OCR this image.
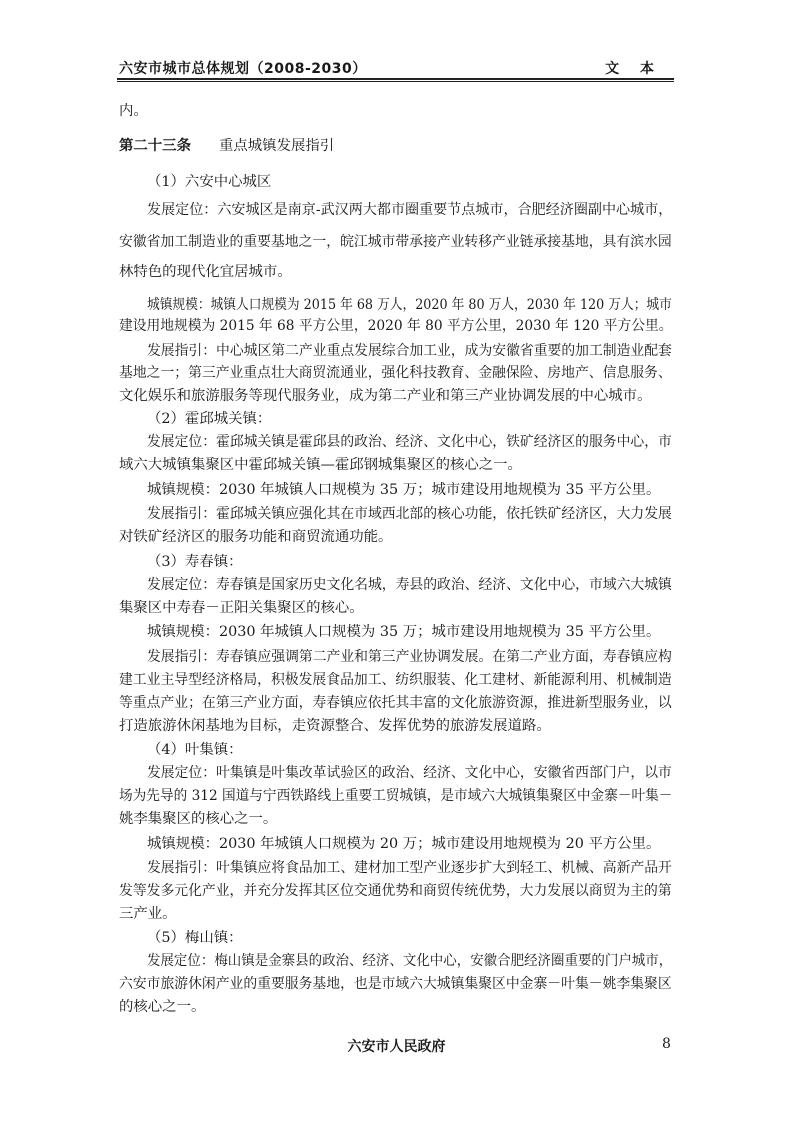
六安市城市总体规划（2008-2030）	文 本
内。
第二十三条 重点城镇发展指引
（1）六安中心城区
发展定位：六安城区是南京-武汉两大都市圈重要节点城市，合肥经济圈副中心城市，
安徽省加工制造业的重要基地之一，皖江城市带承接产业转移产业链承接基地，具有滨水园
林特色的现代化宜居城市。
城镇规模：城镇人口规模为 2015 年 68 万人，2020 年 80 万人，2030 年 120 万人；城市
建设用地规模为 2015 年 68 平方公里，2020 年 80 平方公里，2030 年 120 平方公里。
发展指引：中心城区第二产业重点发展综合加工业，成为安徽省重要的加工制造业配套
基地之一；第三产业重点壮大商贸流通业，强化科技教育、金融保险、房地产、信息服务、
文化娱乐和旅游服务等现代服务业，成为第二产业和第三产业协调发展的中心城市。
（2）霍邱城关镇：
发展定位：霍邱城关镇是霍邱县的政治、经济、文化中心，铁矿经济区的服务中心，市
域六大城镇集聚区中霍邱城关镇—霍邱钢城集聚区的核心之一。
城镇规模：2030 年城镇人口规模为 35 万；城市建设用地规模为 35 平方公里。
发展指引：霍邱城关镇应强化其在市域西北部的核心功能，依托铁矿经济区，大力发展
对铁矿经济区的服务功能和商贸流通功能。
（3）寿春镇：
发展定位：寿春镇是国家历史文化名城，寿县的政治、经济、文化中心，市域六大城镇
集聚区中寿春－正阳关集聚区的核心。
城镇规模：2030 年城镇人口规模为 35 万；城市建设用地规模为 35 平方公里。
发展指引：寿春镇应强调第二产业和第三产业协调发展。在第二产业方面，寿春镇应构
建工业主导型经济格局，积极发展食品加工、纺织服装、化工建材、新能源利用、机械制造
等重点产业；在第三产业方面，寿春镇应依托其丰富的文化旅游资源，推进新型服务业，以
打造旅游休闲基地为目标，走资源整合、发挥优势的旅游发展道路。
（4）叶集镇：
发展定位：叶集镇是叶集改革试验区的政治、经济、文化中心，安徽省西部门户，以市
场为先导的 312 国道与宁西铁路线上重要工贸城镇，是市域六大城镇集聚区中金寨－叶集－
姚李集聚区的核心之一。
城镇规模：2030 年城镇人口规模为 20 万；城市建设用地规模为 20 平方公里。
发展指引：叶集镇应将食品加工、建材加工型产业逐步扩大到轻工、机械、高新产品开
发等发多元化产业，并充分发挥其区位交通优势和商贸传统优势，大力发展以商贸为主的第
三产业。
（5）梅山镇：
发展定位：梅山镇是金寨县的政治、经济、文化中心，安徽合肥经济圈重要的门户城市，
六安市旅游休闲产业的重要服务基地，也是市域六大城镇集聚区中金寨－叶集－姚李集聚区
的核心之一。
六安市人民政府	8
